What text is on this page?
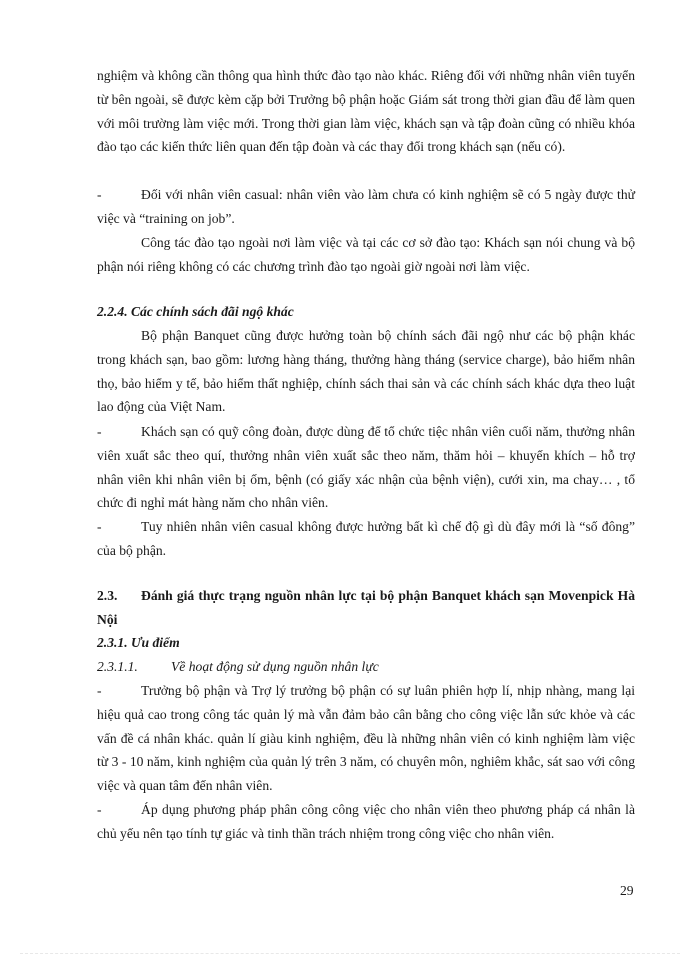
nghiệm và không cần thông qua hình thức đào tạo nào khác. Riêng đối với những nhân viên tuyển từ bên ngoài, sẽ được kèm cặp bởi Trưởng bộ phận hoặc Giám sát trong thời gian đầu để làm quen với môi trường làm việc mới. Trong thời gian làm việc, khách sạn và tập đoàn cũng có nhiều khóa đào tạo các kiến thức liên quan đến tập đoàn và các thay đổi trong khách sạn (nếu có).

-	Đối với nhân viên casual: nhân viên vào làm chưa có kinh nghiệm sẽ có 5 ngày được thử việc và “training on job”.

Công tác đào tạo ngoài nơi làm việc và tại các cơ sở đào tạo: Khách sạn nói chung và bộ phận nói riêng không có các chương trình đào tạo ngoài giờ ngoài nơi làm việc.

2.2.4. Các chính sách đãi ngộ khác

Bộ phận Banquet cũng được hưởng toàn bộ chính sách đãi ngộ như các bộ phận khác trong khách sạn, bao gồm: lương hàng tháng, thưởng hàng tháng (service charge), bảo hiểm nhân thọ, bảo hiểm y tế, bảo hiểm thất nghiệp, chính sách thai sản và các chính sách khác dựa theo luật lao động của Việt Nam.

-	Khách sạn có quỹ công đoàn, được dùng để tổ chức tiệc nhân viên cuối năm, thưởng nhân viên xuất sắc theo quí, thưởng nhân viên xuất sắc theo năm, thăm hỏi – khuyến khích – hỗ trợ nhân viên khi nhân viên bị ốm, bệnh (có giấy xác nhận của bệnh viện), cưới xin, ma chay… , tổ chức đi nghỉ mát hàng năm cho nhân viên.

-	Tuy nhiên nhân viên casual không được hưởng bất kì chế độ gì dù đây mới là “số đông” của bộ phận.

2.3. Đánh giá thực trạng nguồn nhân lực tại bộ phận Banquet khách sạn Movenpick Hà Nội

2.3.1. Ưu điểm

2.3.1.1. Về hoạt động sử dụng nguồn nhân lực

-	Trưởng bộ phận và Trợ lý trưởng bộ phận có sự luân phiên hợp lí, nhịp nhàng, mang lại hiệu quả cao trong công tác quản lý mà vẫn đảm bảo cân bằng cho công việc lẫn sức khỏe và các vấn đề cá nhân khác. quản lí giàu kinh nghiệm, đều là những nhân viên có kinh nghiệm làm việc từ 3 - 10 năm, kinh nghiệm của quản lý trên 3 năm, có chuyên môn, nghiêm khắc, sát sao với công việc và quan tâm đến nhân viên.

-	Áp dụng phương pháp phân công công việc cho nhân viên theo phương pháp cá nhân là chủ yếu nên tạo tính tự giác và tinh thần trách nhiệm trong công việc cho nhân viên.

29
